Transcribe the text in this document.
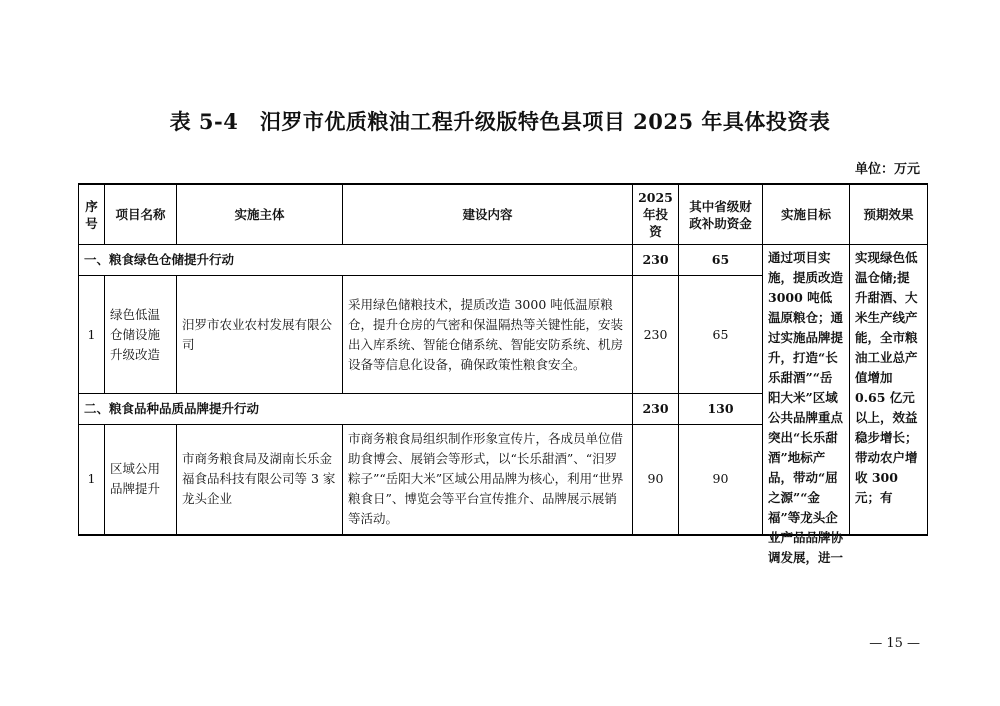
表 5-4　汨罗市优质粮油工程升级版特色县项目 2025 年具体投资表
单位：万元
序号	项目名称	实施主体	建设内容	2025年投资	其中省级财政补助资金	实施目标	预期效果
一、粮食绿色仓储提升行动				230	65	通过项目实施，提质改造 3000 吨低温原粮仓；通过实施品牌提升，打造“长乐甜酒”“岳阳大米”区域公共品牌重点突出“长乐甜酒”地标产品，带动“屈之源”“金福”等龙头企业产品品牌协调发展，进一	实现绿色低温仓储;提升甜酒、大米生产线产能，全市粮油工业总产值增加 0.65 亿元以上，效益稳步增长；带动农户增收 300 元；有

1	绿色低温仓储设施升级改造	汨罗市农业农村发展有限公司	采用绿色储粮技术，提质改造 3000 吨低温原粮仓，提升仓房的气密和保温隔热等关键性能，安装出入库系统、智能仓储系统、智能安防系统、机房设备等信息化设备，确保政策性粮食安全。	230	65		
二、粮食品种品质品牌提升行动				230	130		
1	区域公用品牌提升	市商务粮食局及湖南长乐金福食品科技有限公司等 3 家龙头企业	市商务粮食局组织制作形象宣传片，各成员单位借助食博会、展销会等形式，以“长乐甜酒”、“汨罗粽子”“岳阳大米”区域公用品牌为核心，利用“世界粮食日”、博览会等平台宣传推介、品牌展示展销等活动。	90	90		
— 15 —
